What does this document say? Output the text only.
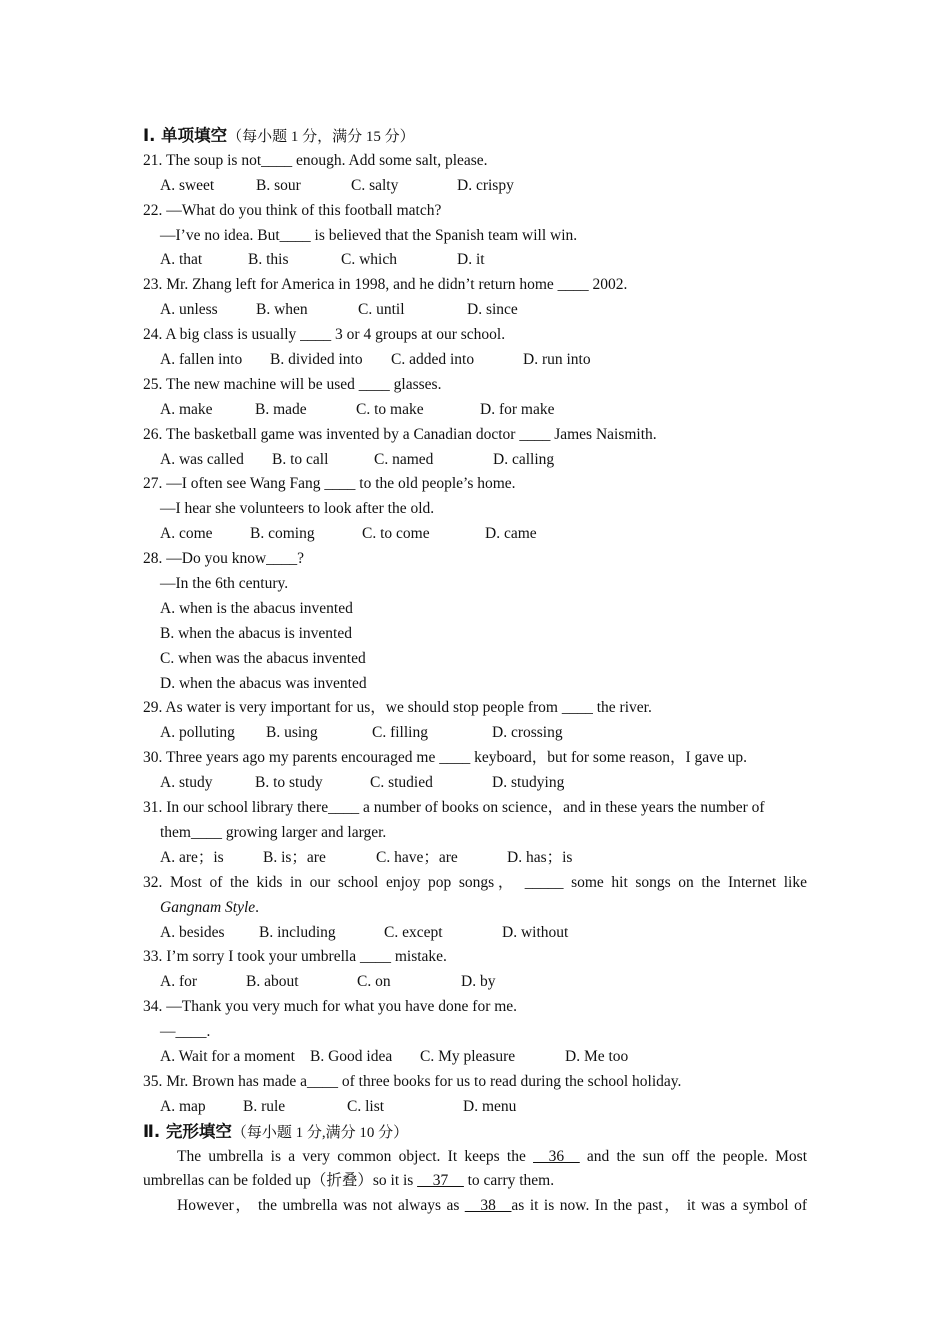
Ⅰ. 单项填空（每小题 1 分，满分 15 分）
21. The soup is not____ enough. Add some salt, please.
A. sweet	B. sour	C. salty	D. crispy
22. —What do you think of this football match?
—I’ve no idea. But____ is believed that the Spanish team will win.
A. that	B. this	C. which	D. it
23. Mr. Zhang left for America in 1998, and he didn’t return home ____ 2002.
A. unless B. when	C. until	D. since
24. A big class is usually ____ 3 or 4 groups at our school.
A. fallen into B. divided into C. added into	D. run into
25. The new machine will be used ____ glasses.
A. make	B. made	C. to make	D. for make
26. The basketball game was invented by a Canadian doctor ____ James Naismith.
A. was called B. to call	C. named	D. calling
27. —I often see Wang Fang ____ to the old people’s home.
—I hear she volunteers to look after the old.
A. come B. coming	C. to come	D. came
28. —Do you know____?
—In the 6th century.
A. when is the abacus invented
B. when the abacus is invented
C. when was the abacus invented
D. when the abacus was invented
29. As water is very important for us，we should stop people from ____ the river.
A. polluting B. using	C. filling	D. crossing
30. Three years ago my parents encouraged me ____ keyboard，but for some reason，I gave up.
A. study	B. to study	C. studied	D. studying
31. In our school library there____ a number of books on science，and in these years the number of
them____ growing larger and larger.
A. are；is	B. is；are	C. have；are	D. has；is
32. Most of the kids in our school enjoy pop songs， _____ some hit songs on the Internet like
Gangnam Style.
A. besides B. including	C. except	D. without
33. I’m sorry I took your umbrella ____ mistake.
A. for	B. about	C. on	D. by
34. —Thank you very much for what you have done for me.
—____.
A. Wait for a moment B. Good idea C. My pleasure	D. Me too
35. Mr. Brown has made a____ of three books for us to read during the school holiday.
A. map B. rule	C. list	D. menu
Ⅱ. 完形填空（每小题 1 分,满分 10 分）
The umbrella is a very common object. It keeps the __36__ and the sun off the people. Most
umbrellas can be folded up（折叠）so it is __37__ to carry them.
However， the umbrella was not always as __38__as it is now. In the past， it was a symbol of
